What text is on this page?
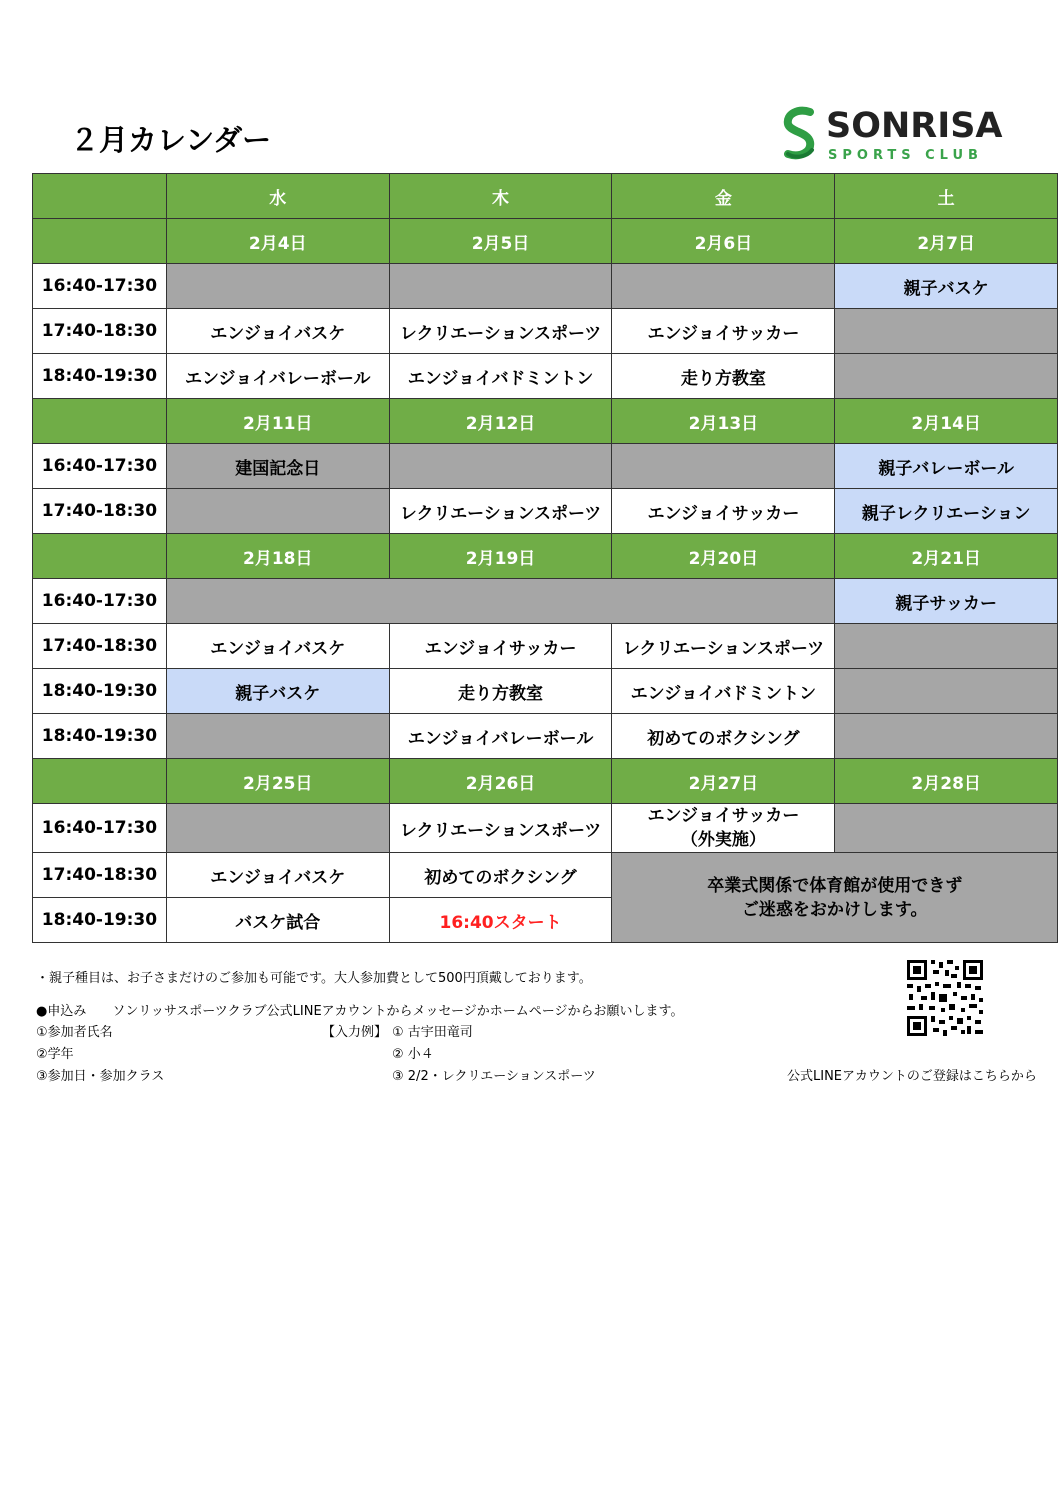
２月カレンダー	SONRISA
SPORTS CLUB
	水	木	金	土
	2月4日	2月5日	2月6日	2月7日
16:40-17:30				親子バスケ
17:40-18:30	エンジョイバスケ	レクリエーションスポーツ	エンジョイサッカー	
18:40-19:30	エンジョイバレーボール	エンジョイバドミントン	走り方教室	
	2月11日	2月12日	2月13日	2月14日
16:40-17:30	建国記念日			親子バレーボール
17:40-18:30		レクリエーションスポーツ	エンジョイサッカー	親子レクリエーション
	2月18日	2月19日	2月20日	2月21日
16:40-17:30				親子サッカー
17:40-18:30	エンジョイバスケ	エンジョイサッカー	レクリエーションスポーツ	
18:40-19:30	親子バスケ	走り方教室	エンジョイバドミントン	
18:40-19:30		エンジョイバレーボール	初めてのボクシング	
	2月25日	2月26日	2月27日	2月28日
16:40-17:30		レクリエーションスポーツ	エンジョイサッカー
（外実施）	
17:40-18:30	エンジョイバスケ	初めてのボクシング	卒業式関係で体育館が使用できず
ご迷惑をおかけします。	
18:40-19:30	バスケ試合	16:40スタート		
・親子種目は、お子さまだけのご参加も可能です。大人参加費として500円頂戴しております。
●申込み　　ソンリッサスポーツクラブ公式LINEアカウントからメッセージかホームページからお願いします。
①参加者氏名
②学年
③参加日・参加クラス
【入力例】 ① 古宇田竜司
② 小４
③ 2/2・レクリエーションスポーツ	公式LINEアカウントのご登録はこちらから
